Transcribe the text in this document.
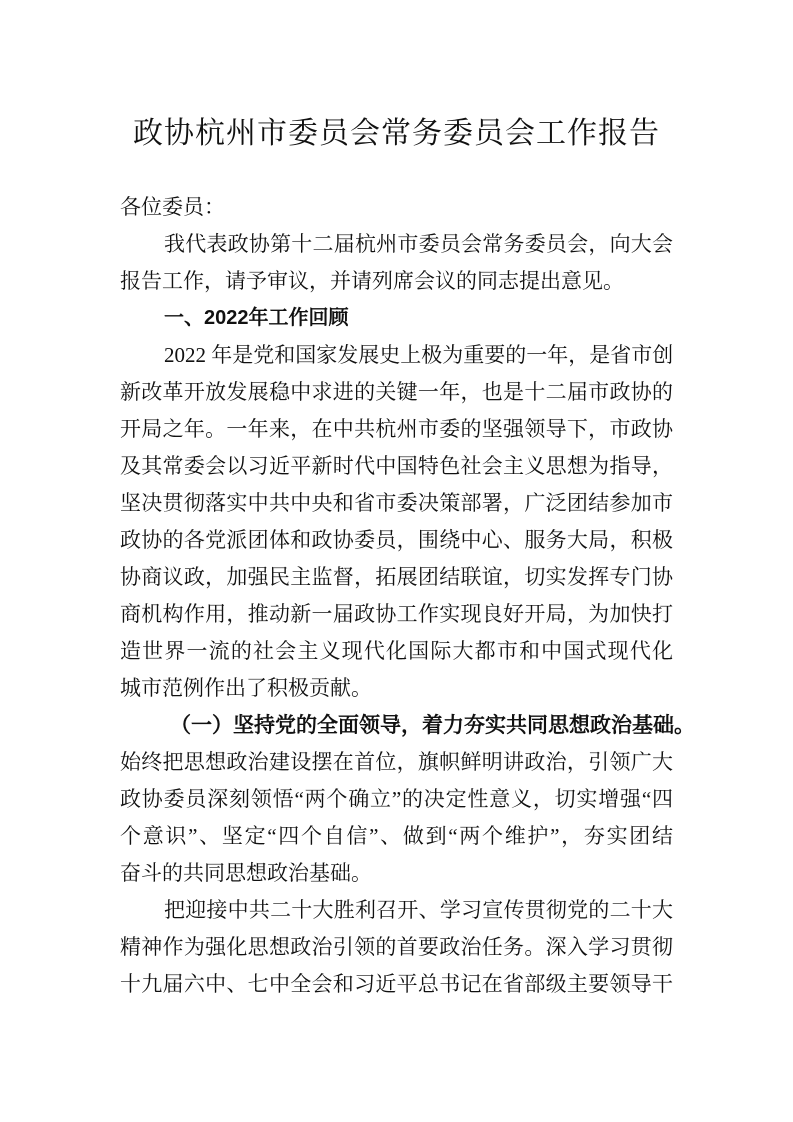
政协杭州市委员会常务委员会工作报告
各位委员：
我代表政协第十二届杭州市委员会常务委员会，向大会
报告工作，请予审议，并请列席会议的同志提出意见。
一、2022年工作回顾
2022 年是党和国家发展史上极为重要的一年，是省市创
新改革开放发展稳中求进的关键一年，也是十二届市政协的
开局之年。一年来，在中共杭州市委的坚强领导下，市政协
及其常委会以习近平新时代中国特色社会主义思想为指导，
坚决贯彻落实中共中央和省市委决策部署，广泛团结参加市
政协的各党派团体和政协委员，围绕中心、服务大局，积极
协商议政，加强民主监督，拓展团结联谊，切实发挥专门协
商机构作用，推动新一届政协工作实现良好开局，为加快打
造世界一流的社会主义现代化国际大都市和中国式现代化
城市范例作出了积极贡献。
（一）坚持党的全面领导，着力夯实共同思想政治基础。
始终把思想政治建设摆在首位，旗帜鲜明讲政治，引领广大
政协委员深刻领悟“两个确立”的决定性意义，切实增强“四
个意识”、坚定“四个自信”、做到“两个维护”，夯实团结
奋斗的共同思想政治基础。
把迎接中共二十大胜利召开、学习宣传贯彻党的二十大
精神作为强化思想政治引领的首要政治任务。深入学习贯彻
十九届六中、七中全会和习近平总书记在省部级主要领导干
